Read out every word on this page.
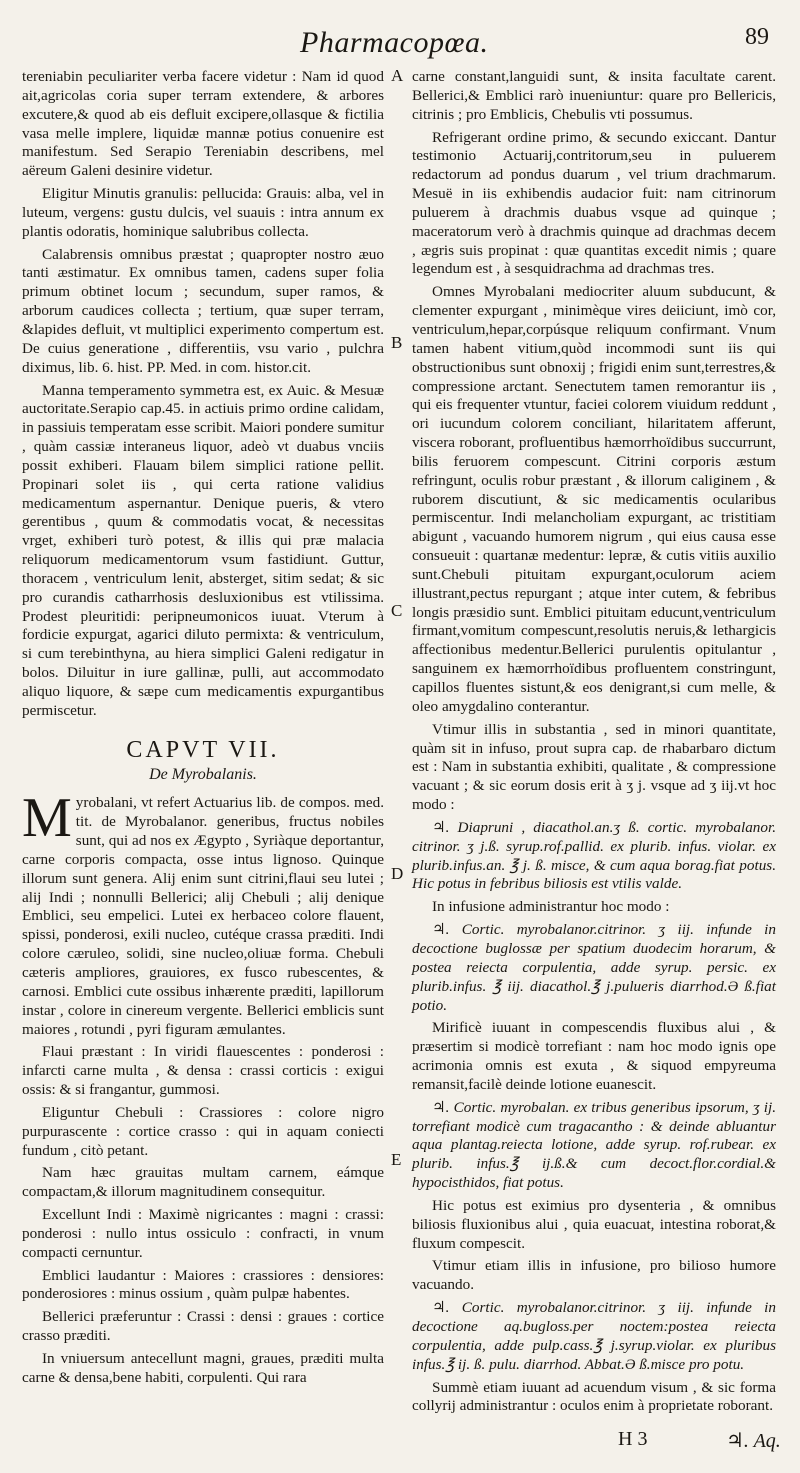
Pharmacopœa.	89
A
B
C
D
E

tereniabin peculiariter verba facere videtur : Nam id quod ait,agricolas coria super terram extendere, & arbores excutere,& quod ab eis defluit excipere,ollasque & fictilia vasa melle implere, liquidæ mannæ potius conuenire est manifestum. Sed Serapio Tereniabin describens, mel aëreum Galeni desinire videtur.

Eligitur Minutis granulis: pellucida: Grauis: alba, vel in luteum, vergens: gustu dulcis, vel suauis : intra annum ex plantis odoratis, hominique salubribus collecta.

Calabrensis omnibus præstat ; quapropter nostro æuo tanti æstimatur. Ex omnibus tamen, cadens super folia primum obtinet locum ; secundum, super ramos, & arborum caudices collecta ; tertium, quæ super terram, &lapides defluit, vt multiplici experimento compertum est. De cuius generatione , differentiis, vsu vario , pulchra diximus, lib. 6. hist. PP. Med. in com. histor.cit.

Manna temperamento symmetra est, ex Auic. & Mesuæ auctoritate.Serapio cap.45. in actiuis primo ordine calidam, in passiuis temperatam esse scribit. Maiori pondere sumitur , quàm cassiæ interaneus liquor, adeò vt duabus vnciis possit exhiberi. Flauam bilem simplici ratione pellit. Propinari solet iis , qui certa ratione validius medicamentum aspernantur. Denique pueris, & vtero gerentibus , quum & commodatis vocat, & necessitas vrget, exhiberi turò potest, & illis qui præ malacia reliquorum medicamentorum vsum fastidiunt. Guttur, thoracem , ventriculum lenit, absterget, sitim sedat; & sic pro curandis catharrhosis desluxionibus est vtilissima. Prodest pleuritidi: peripneumonicos iuuat. Vterum à fordicie expurgat, agarici diluto permixta: & ventriculum, si cum terebinthyna, au hiera simplici Galeni redigatur in bolos. Diluitur in iure gallinæ, pulli, aut accommodato aliquo liquore, & sæpe cum medicamentis expurgantibus permiscetur.

CAPVT VII.
De Myrobalanis.

Myrobalani, vt refert Actuarius lib. de compos. med. tit. de Myrobalanor. generibus, fructus nobiles sunt, qui ad nos ex Ægypto , Syriàque deportantur, carne corporis compacta, osse intus lignoso. Quinque illorum sunt genera. Alij enim sunt citrini,flaui seu lutei ; alij Indi ; nonnulli Bellerici; alij Chebuli ; alij denique Emblici, seu empelici. Lutei ex herbaceo colore flauent, spissi, ponderosi, exili nucleo, cutéque crassa præditi. Indi colore cæruleo, solidi, sine nucleo,oliuæ forma. Chebuli cæteris ampliores, grauiores, ex fusco rubescentes, & carnosi. Emblici cute ossibus inhærente præditi, lapillorum instar , colore in cinereum vergente. Bellerici emblicis sunt maiores , rotundi , pyri figuram æmulantes.

Flaui præstant : In viridi flauescentes : ponderosi : infarcti carne multa , & densa : crassi corticis : exigui ossis: & si frangantur, gummosi.

Eliguntur Chebuli : Crassiores : colore nigro purpurascente : cortice crasso : qui in aquam coniecti fundum , citò petant.

Nam hæc grauitas multam carnem, eámque compactam,& illorum magnitudinem consequitur.

Excellunt Indi : Maximè nigricantes : magni : crassi: ponderosi : nullo intus ossiculo : confracti, in vnum compacti cernuntur.

Emblici laudantur : Maiores : crassiores : densiores: ponderosiores : minus ossium , quàm pulpæ habentes.

Bellerici præferuntur : Crassi : densi : graues : cortice crasso præditi.

In vniuersum antecellunt magni, graues, præditi multa carne & densa,bene habiti, corpulenti. Qui rara

carne constant,languidi sunt, & insita facultate carent. Bellerici,& Emblici rarò inueniuntur: quare pro Bellericis, citrinis ; pro Emblicis, Chebulis vti possumus.

Refrigerant ordine primo, & secundo exiccant. Dantur testimonio Actuarij,contritorum,seu in puluerem redactorum ad pondus duarum , vel trium drachmarum. Mesuë in iis exhibendis audacior fuit: nam citrinorum puluerem à drachmis duabus vsque ad quinque ; maceratorum verò à drachmis quinque ad drachmas decem , ægris suis propinat : quæ quantitas excedit nimis ; quare legendum est , à sesquidrachma ad drachmas tres.

Omnes Myrobalani mediocriter aluum subducunt, & clementer expurgant , minimèque vires deiiciunt, imò cor, ventriculum,hepar,corpúsque reliquum confirmant. Vnum tamen habent vitium,quòd incommodi sunt iis qui obstructionibus sunt obnoxij ; frigidi enim sunt,terrestres,& compressione arctant. Senectutem tamen remorantur iis , qui eis frequenter vtuntur, faciei colorem viuidum reddunt , ori iucundum colorem conciliant, hilaritatem afferunt, viscera roborant, profluentibus hæmorrhoïdibus succurrunt, bilis feruorem compescunt. Citrini corporis æstum refringunt, oculis robur præstant , & illorum caliginem , & ruborem discutiunt, & sic medicamentis ocularibus permiscentur. Indi melancholiam expurgant, ac tristitiam abigunt , vacuando humorem nigrum , qui eius causa esse consueuit : quartanæ medentur: lepræ, & cutis vitiis auxilio sunt.Chebuli pituitam expurgant,oculorum aciem illustrant,pectus repurgant ; atque inter cutem, & febribus longis præsidio sunt. Emblici pituitam educunt,ventriculum firmant,vomitum compescunt,resolutis neruis,& lethargicis affectionibus medentur.Bellerici purulentis opitulantur , sanguinem ex hæmorrhoïdibus profluentem constringunt, capillos fluentes sistunt,& eos denigrant,si cum melle, & oleo amygdalino conterantur.

Vtimur illis in substantia , sed in minori quantitate, quàm sit in infuso, prout supra cap. de rhabarbaro dictum est : Nam in substantia exhibiti, qualitate , & compressione vacuant ; & sic eorum dosis erit à ʒ j. vsque ad ʒ iij.vt hoc modo :

♃. Diapruni , diacathol.an.ʒ ß. cortic. myrobalanor. citrinor. ʒ j.ß. syrup.rof.pallid. ex plurib. infus. violar. ex plurib.infus.an. ℥ j. ß. misce, & cum aqua borag.fiat potus. Hic potus in febribus biliosis est vtilis valde.

In infusione administrantur hoc modo :

♃. Cortic. myrobalanor.citrinor. ʒ iij. infunde in decoctione buglossæ per spatium duodecim horarum, & postea reiecta corpulentia, adde syrup. persic. ex plurib.infus. ℥ iij. diacathol.℥ j.pulueris diarrhod.Ə ß.fiat potio.

Mirificè iuuant in compescendis fluxibus alui , & præsertim si modicè torrefiant : nam hoc modo ignis ope acrimonia omnis est exuta , & siquod empyreuma remansit,facilè deinde lotione euanescit.

♃. Cortic. myrobalan. ex tribus generibus ipsorum, ʒ ij. torrefiant modicè cum tragacantho : & deinde abluantur aqua plantag.reiecta lotione, adde syrup. rof.rubear. ex plurib. infus.℥ ij.ß.& cum decoct.flor.cordial.& hypocisthidos, fiat potus.

Hic potus est eximius pro dysenteria , & omnibus biliosis fluxionibus alui , quia euacuat, intestina roborat,& fluxum compescit.

Vtimur etiam illis in infusione, pro bilioso humore vacuando.

♃. Cortic. myrobalanor.citrinor. ʒ iij. infunde in decoctione aq.bugloss.per noctem:postea reiecta corpulentia, adde pulp.cass.℥ j.syrup.violar. ex pluribus infus.℥ ij. ß. pulu. diarrhod. Abbat.Ə ß.misce pro potu.

Summè etiam iuuant ad acuendum visum , & sic forma collyrij administrantur : oculos enim à proprietate roborant.

H 3	♃. Aq.
